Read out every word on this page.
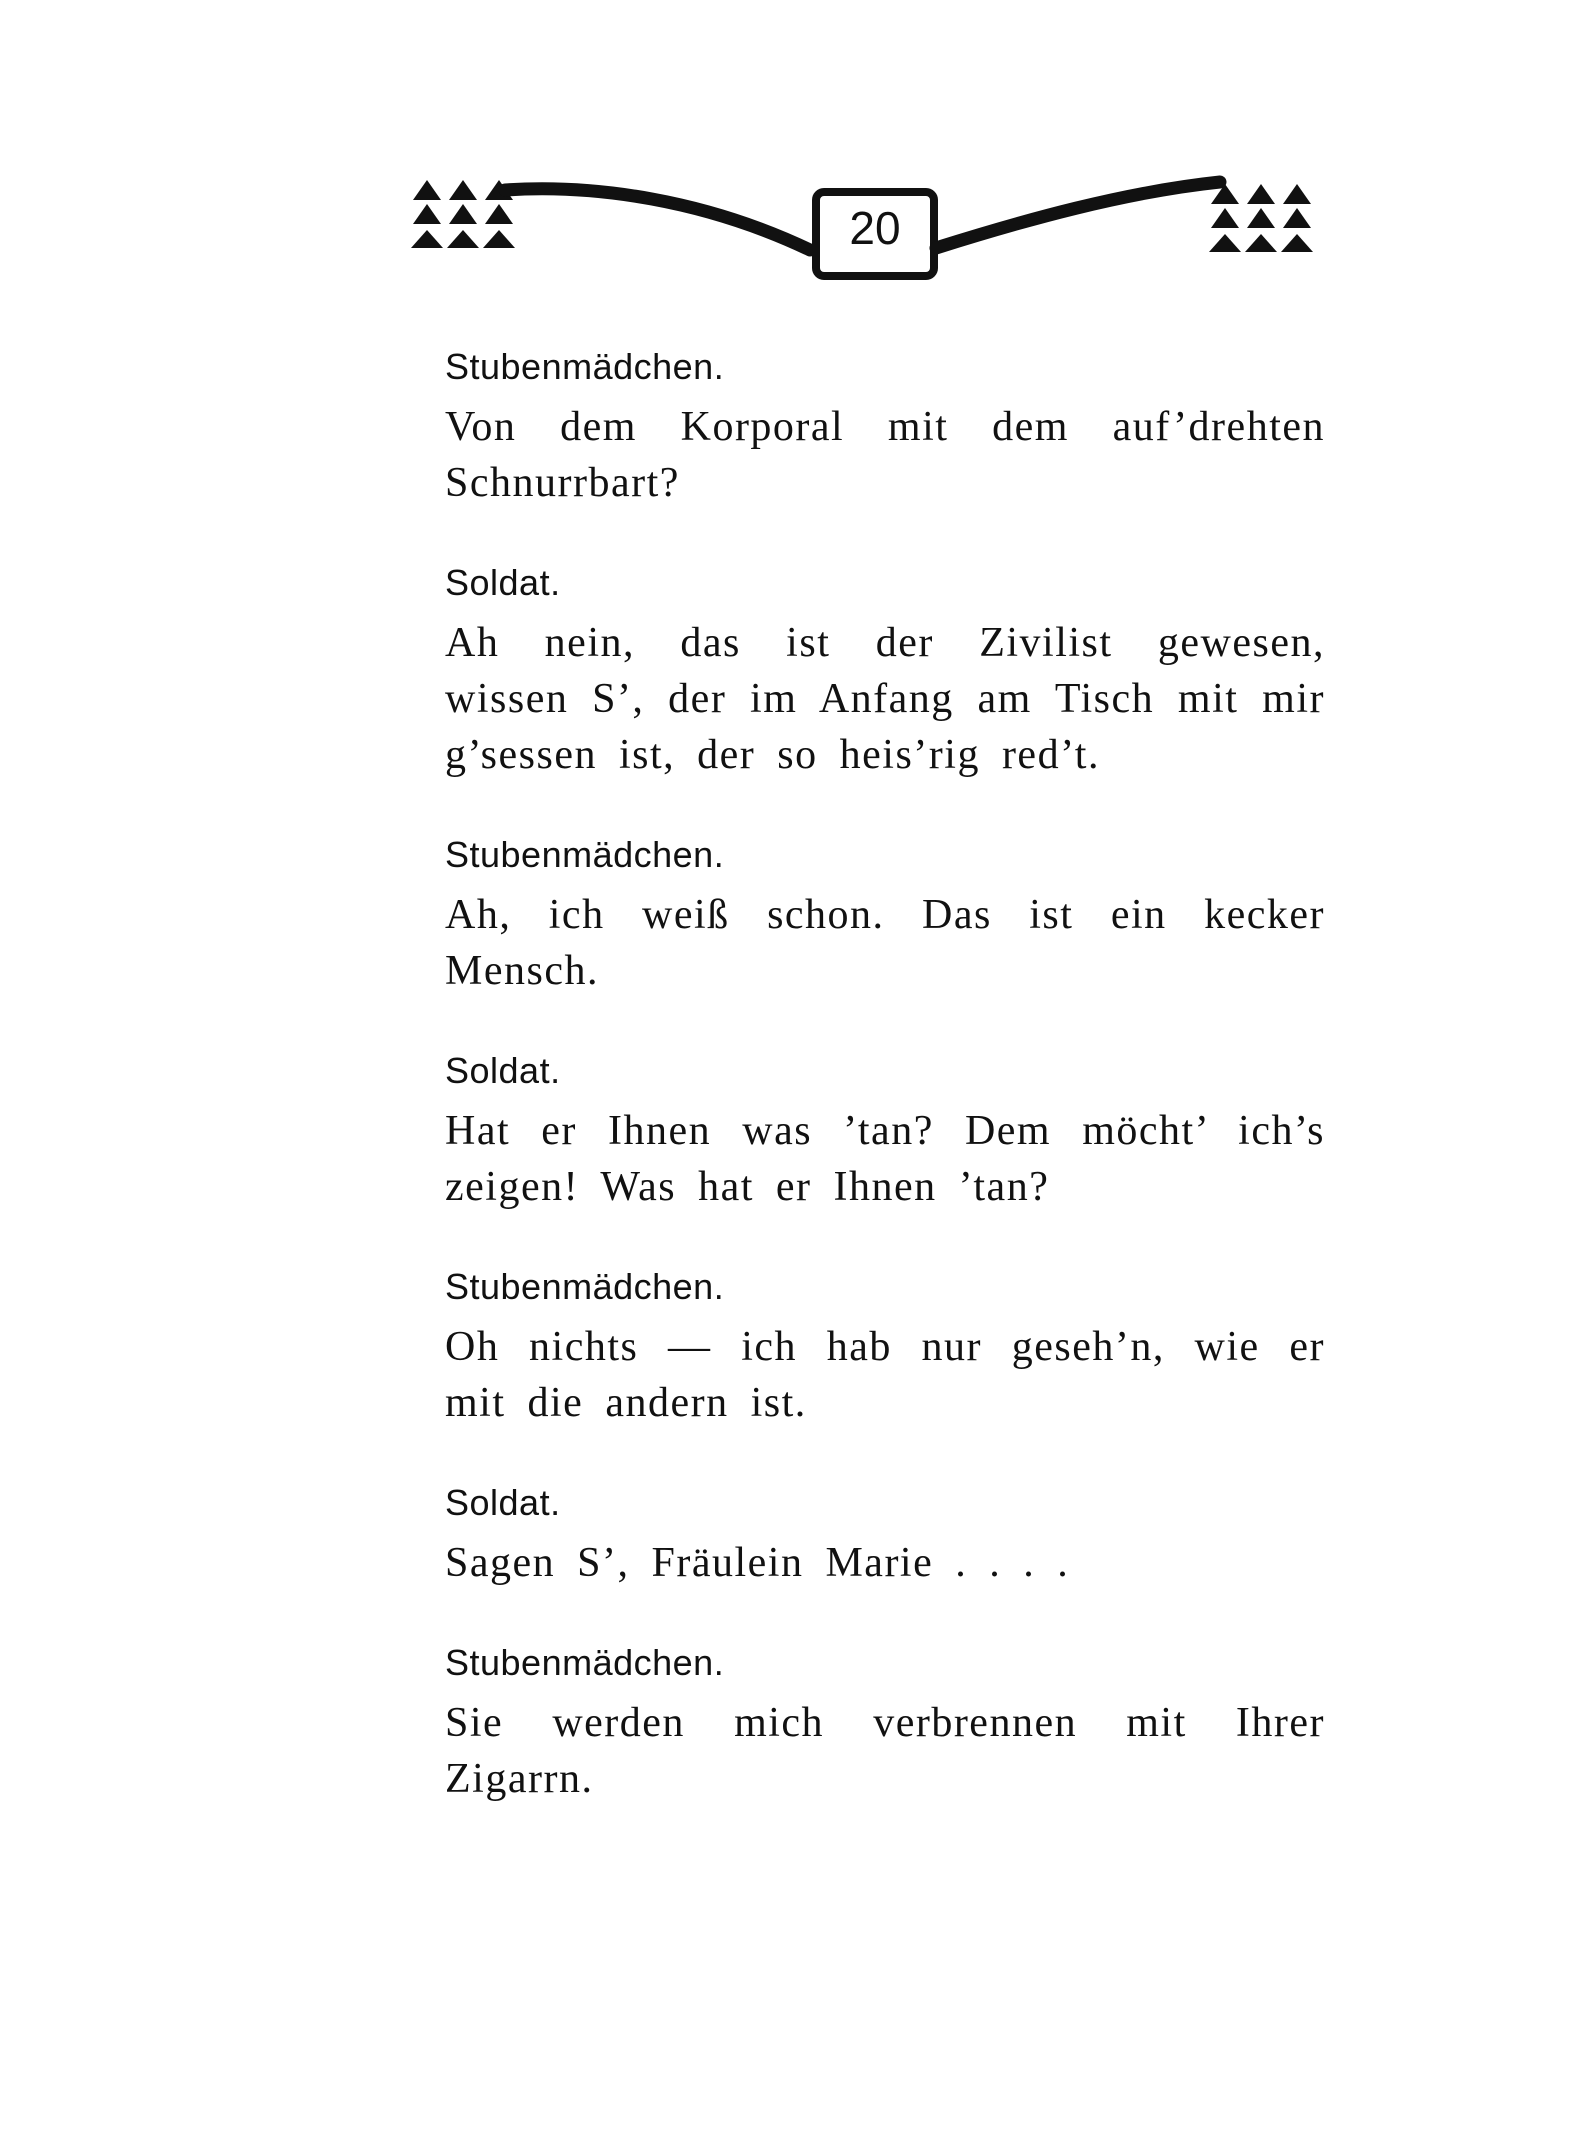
20

Stubenmädchen.

Von dem Korporal mit dem auf’drehten Schnurrbart?

Soldat.

Ah nein, das ist der Zivilist gewesen, wissen S’, der im Anfang am Tisch mit mir g’sessen ist, der so heis’rig red’t.

Stubenmädchen.

Ah, ich weiß schon. Das ist ein kecker Mensch.

Soldat.

Hat er Ihnen was ’tan? Dem möcht’ ich’s zeigen! Was hat er Ihnen ’tan?

Stubenmädchen.

Oh nichts — ich hab nur geseh’n, wie er mit die andern ist.

Soldat.

Sagen S’, Fräulein Marie . . . .

Stubenmädchen.

Sie werden mich verbrennen mit Ihrer Zigarrn.
